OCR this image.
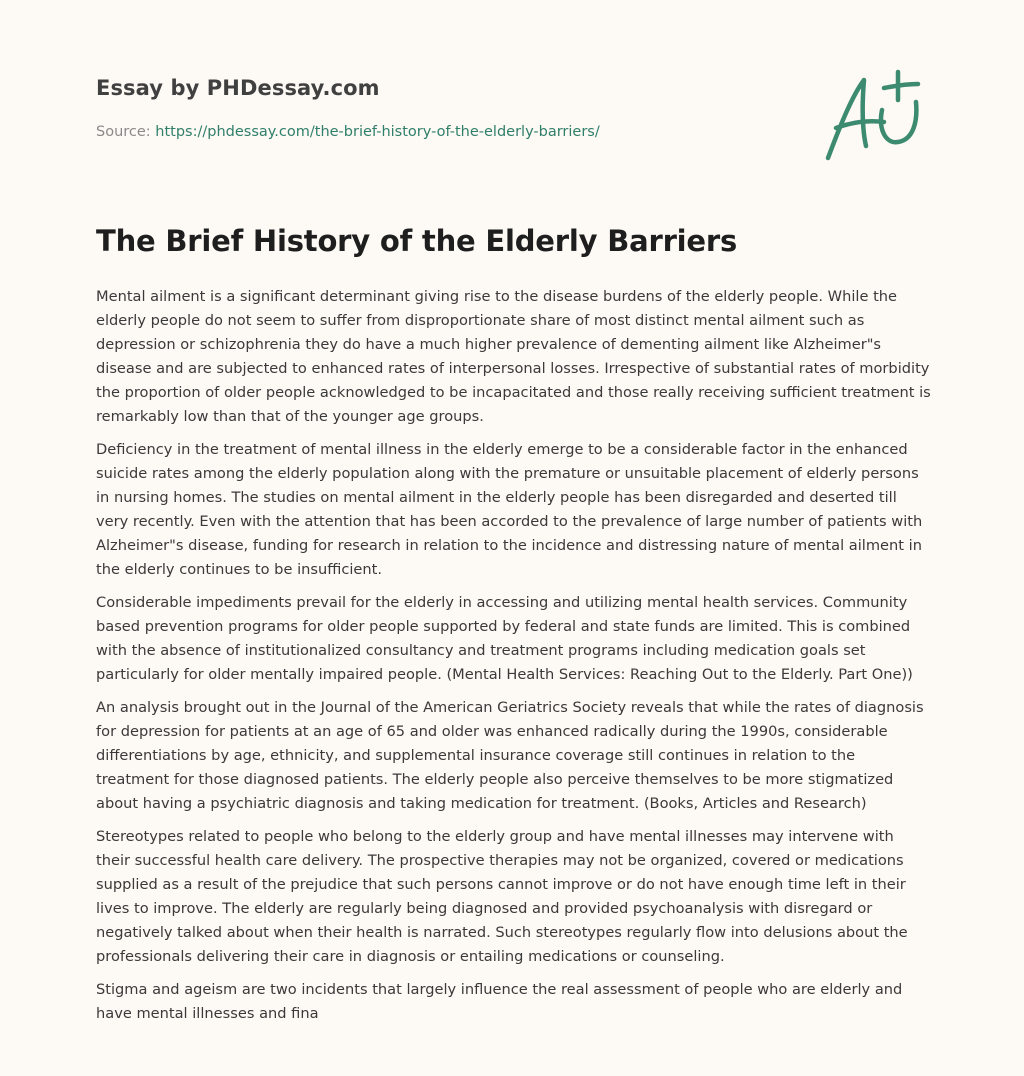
Essay by PHDessay.com
Source: https://phdessay.com/the-brief-history-of-the-elderly-barriers/
The Brief History of the Elderly Barriers

Mental ailment is a significant determinant giving rise to the disease burdens of the elderly people. While the elderly people do not seem to suffer from disproportionate share of most distinct mental ailment such as depression or schizophrenia they do have a much higher prevalence of dementing ailment like Alzheimer"s disease and are subjected to enhanced rates of interpersonal losses. Irrespective of substantial rates of morbidity the proportion of older people acknowledged to be incapacitated and those really receiving sufficient treatment is remarkably low than that of the younger age groups.

Deficiency in the treatment of mental illness in the elderly emerge to be a considerable factor in the enhanced suicide rates among the elderly population along with the premature or unsuitable placement of elderly persons in nursing homes. The studies on mental ailment in the elderly people has been disregarded and deserted till very recently. Even with the attention that has been accorded to the prevalence of large number of patients with Alzheimer"s disease, funding for research in relation to the incidence and distressing nature of mental ailment in the elderly continues to be insufficient.

Considerable impediments prevail for the elderly in accessing and utilizing mental health services. Community based prevention programs for older people supported by federal and state funds are limited. This is combined with the absence of institutionalized consultancy and treatment programs including medication goals set particularly for older mentally impaired people. (Mental Health Services: Reaching Out to the Elderly. Part One))

An analysis brought out in the Journal of the American Geriatrics Society reveals that while the rates of diagnosis for depression for patients at an age of 65 and older was enhanced radically during the 1990s, considerable differentiations by age, ethnicity, and supplemental insurance coverage still continues in relation to the treatment for those diagnosed patients. The elderly people also perceive themselves to be more stigmatized about having a psychiatric diagnosis and taking medication for treatment. (Books, Articles and Research)

Stereotypes related to people who belong to the elderly group and have mental illnesses may intervene with their successful health care delivery. The prospective therapies may not be organized, covered or medications supplied as a result of the prejudice that such persons cannot improve or do not have enough time left in their lives to improve. The elderly are regularly being diagnosed and provided psychoanalysis with disregard or negatively talked about when their health is narrated. Such stereotypes regularly flow into delusions about the professionals delivering their care in diagnosis or entailing medications or counseling.

Stigma and ageism are two incidents that largely influence the real assessment of people who are elderly and have mental illnesses and fina
